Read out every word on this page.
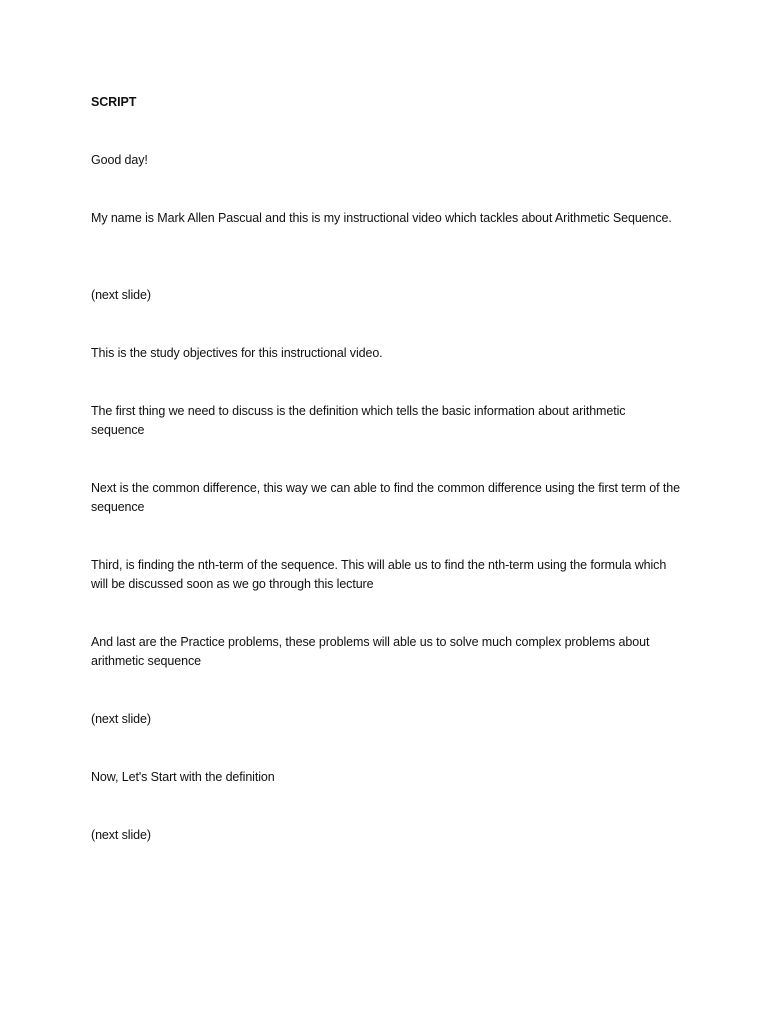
SCRIPT
Good day!
My name is Mark Allen Pascual and this is my instructional video which tackles about Arithmetic Sequence.
(next slide)
This is the study objectives for this instructional video.
The first thing we need to discuss is the definition which tells the basic information about arithmetic sequence
Next is the common difference, this way we can able to find the common difference using the first term of the sequence
Third, is finding the nth-term of the sequence. This will able us to find the nth-term using the formula which will be discussed soon as we go through this lecture
And last are the Practice problems, these problems will able us to solve much complex problems about arithmetic sequence
(next slide)
Now, Let's Start with the definition
(next slide)
